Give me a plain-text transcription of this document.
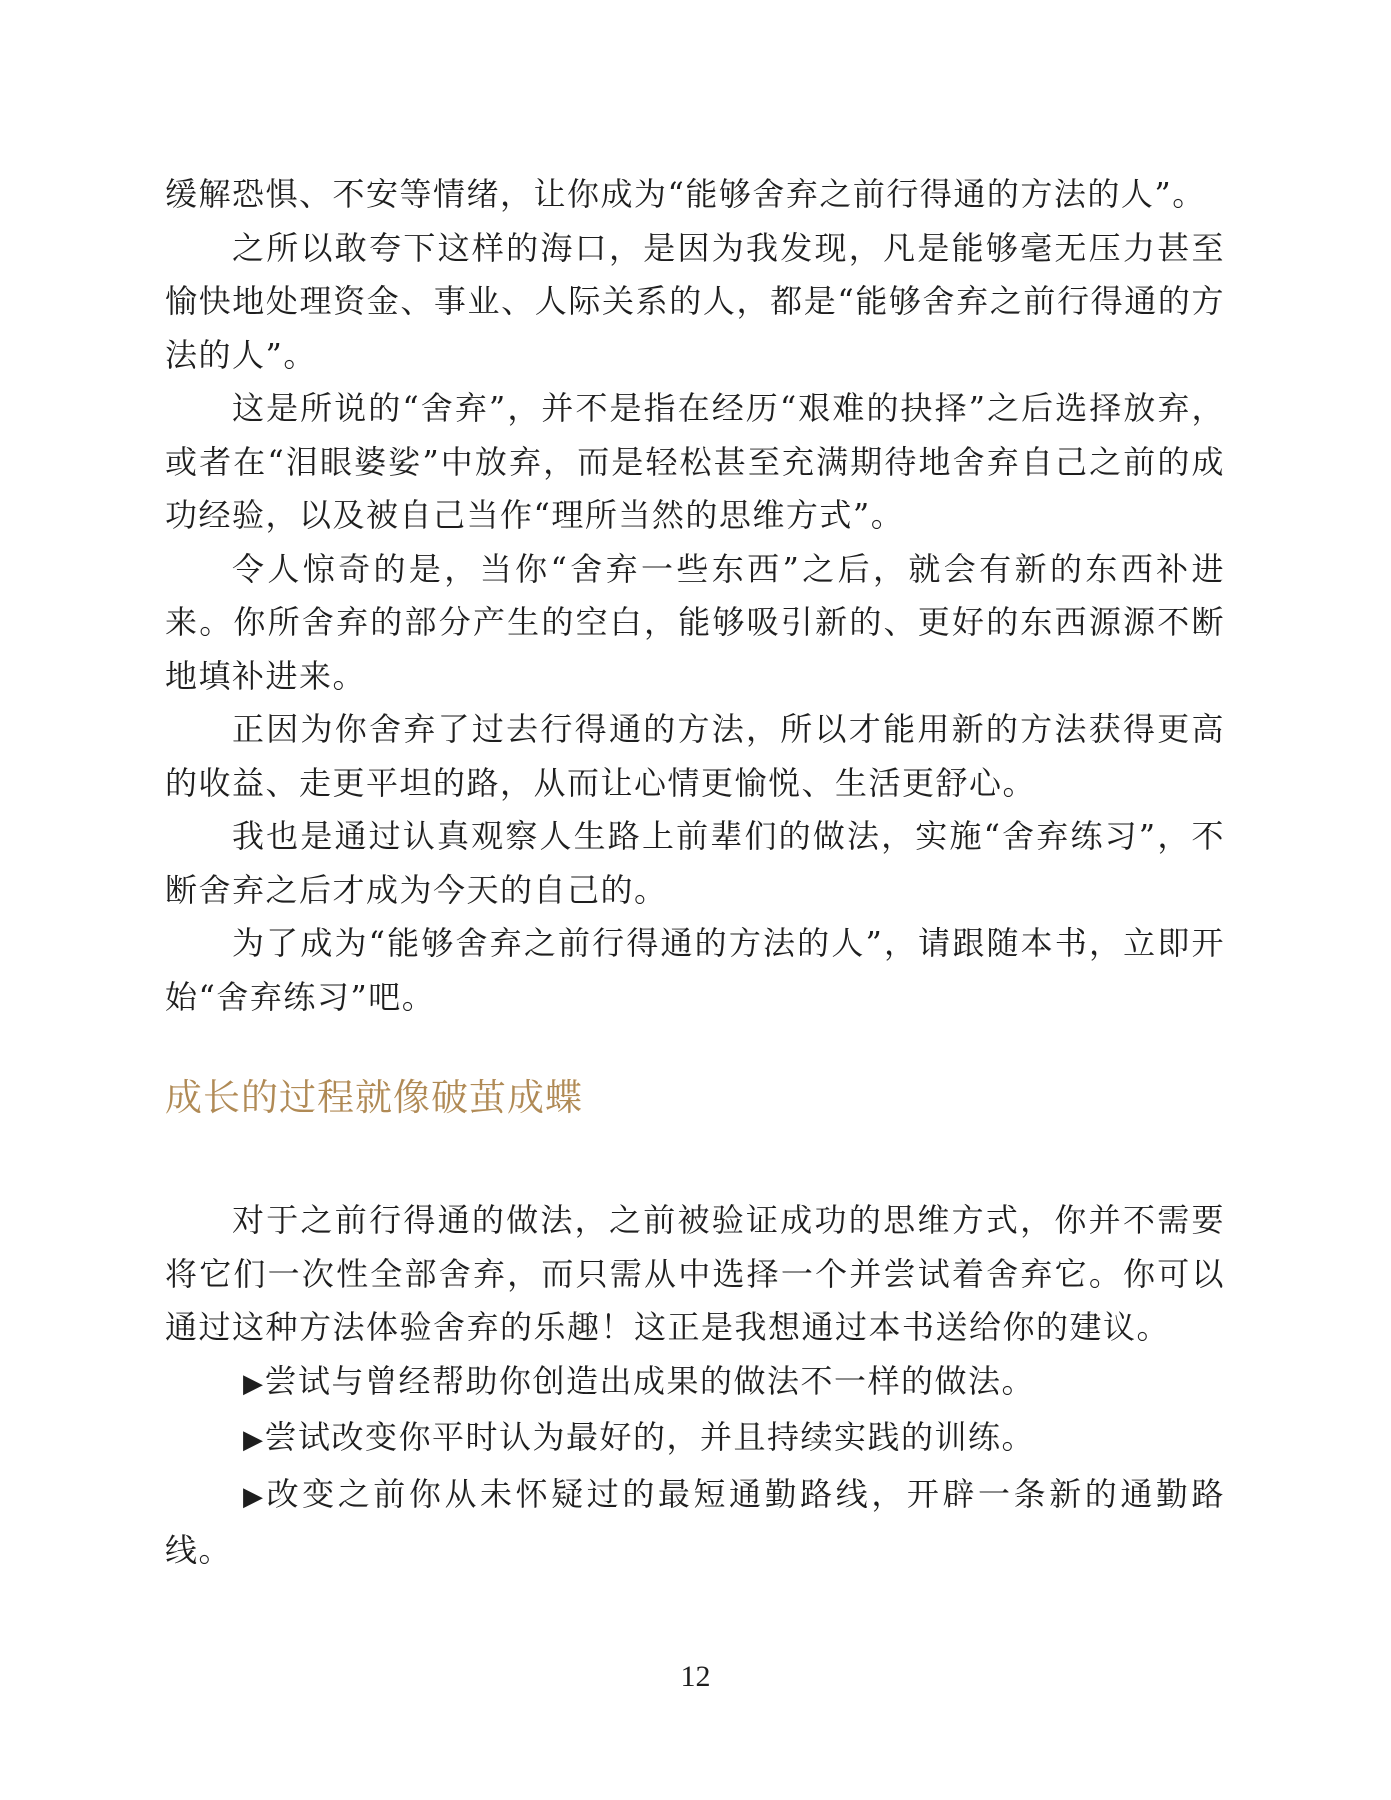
缓解恐惧、不安等情绪，让你成为“能够舍弃之前行得通的方法的人”。

之所以敢夸下这样的海口，是因为我发现，凡是能够毫无压力甚至愉快地处理资金、事业、人际关系的人，都是“能够舍弃之前行得通的方法的人”。

这是所说的“舍弃”，并不是指在经历“艰难的抉择”之后选择放弃，或者在“泪眼婆娑”中放弃，而是轻松甚至充满期待地舍弃自己之前的成功经验，以及被自己当作“理所当然的思维方式”。

令人惊奇的是，当你“舍弃一些东西”之后，就会有新的东西补进来。你所舍弃的部分产生的空白，能够吸引新的、更好的东西源源不断地填补进来。

正因为你舍弃了过去行得通的方法，所以才能用新的方法获得更高的收益、走更平坦的路，从而让心情更愉悦、生活更舒心。

我也是通过认真观察人生路上前辈们的做法，实施“舍弃练习”，不断舍弃之后才成为今天的自己的。

为了成为“能够舍弃之前行得通的方法的人”，请跟随本书，立即开始“舍弃练习”吧。

成长的过程就像破茧成蝶

对于之前行得通的做法，之前被验证成功的思维方式，你并不需要将它们一次性全部舍弃，而只需从中选择一个并尝试着舍弃它。你可以通过这种方法体验舍弃的乐趣！这正是我想通过本书送给你的建议。

▶尝试与曾经帮助你创造出成果的做法不一样的做法。

▶尝试改变你平时认为最好的，并且持续实践的训练。

▶改变之前你从未怀疑过的最短通勤路线，开辟一条新的通勤路线。

12
